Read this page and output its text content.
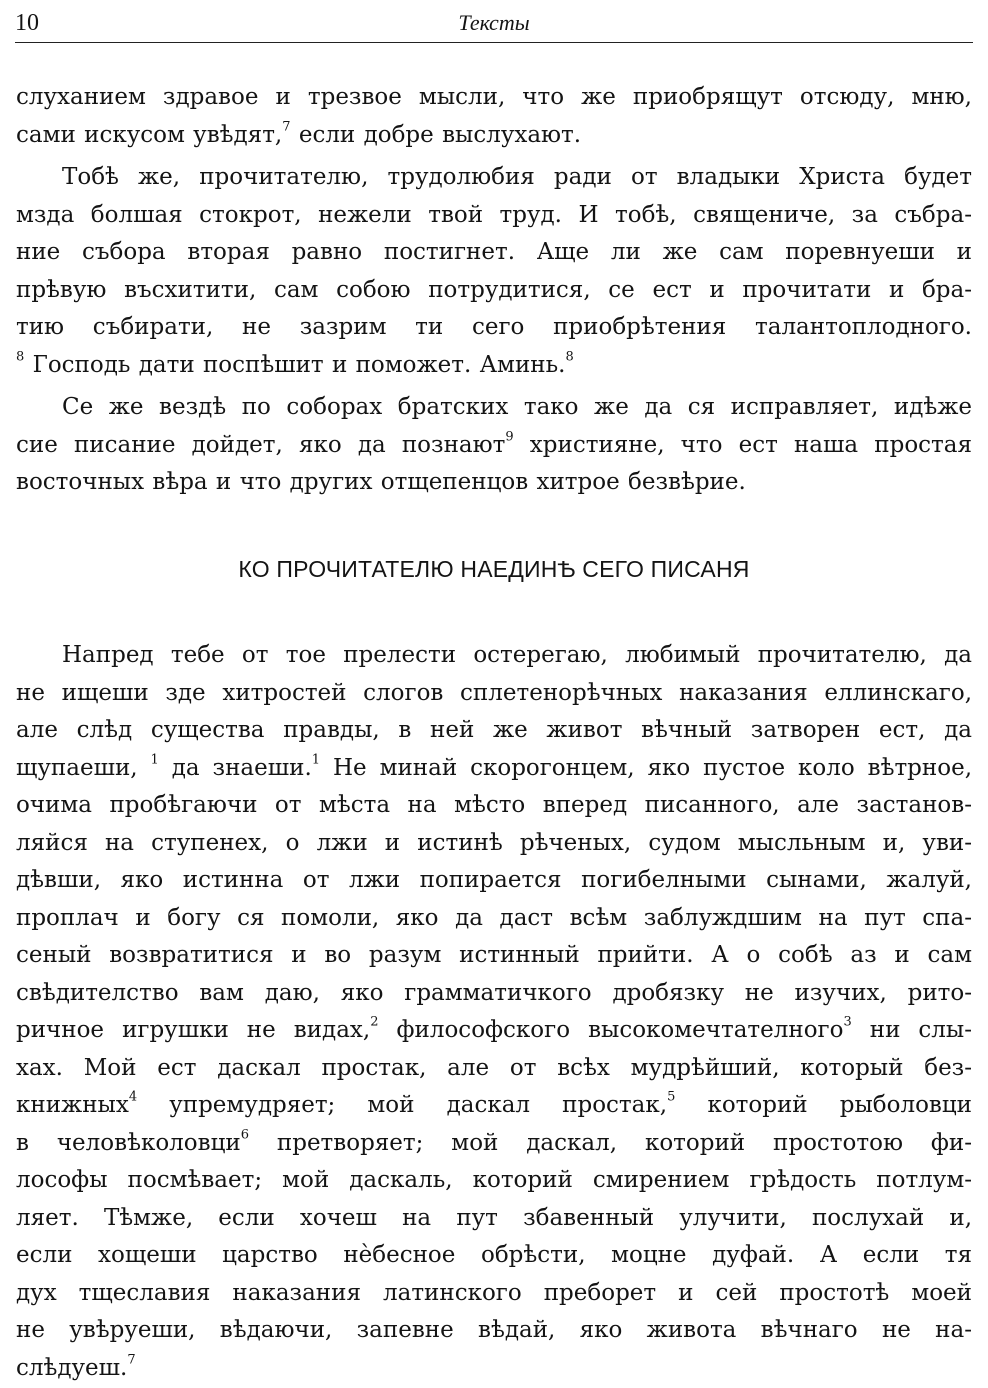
10	Тексты

слуханием здравое и трезвое мысли, что же приобрящут отсюду, мню,
сами искусом увѣдят,$^7$ если добре выслухают.

Тобѣ же, прочитателю, трудолюбия ради от владыки Христа будет
мзда болшая стокрот, нежели твой труд. И тобѣ, священиче, за събра-
ние събора вторая равно постигнет. Аще ли же сам поревнуеши и
прѣвую въсхитити, сам собою потрудитися, се ест и прочитати и бра-
тию събирати, не зазрим ти сего приобрѣтения талантоплодного.
$^8$ Господь дати поспѣшит и поможет. Аминь.$^8$

Се же вездѣ по соборах братских тако же да ся исправляет, идѣже
сие писание дойдет, яко да познают$^9$ християне, что ест наша простая
восточных вѣра и что других отщепенцов хитрое безвѣрие.

КО ПРОЧИТАТЕЛЮ НАЕДИНѢ СЕГО ПИСАНЯ

Напред тебе от тое прелести остерегаю, любимый прочитателю, да
не ищеши зде хитростей слогов сплетенорѣчных наказания еллинскаго,
але слѣд существа правды, в ней же живот вѣчный затворен ест, да
щупаеши, $^1$ да знаеши.$^1$ Не минай скорогонцем, яко пустое коло вѣтрное,
очима пробѣгаючи от мѣста на мѣсто вперед писанного, але застанов-
ляйся на ступенех, о лжи и истинѣ рѣченых, судом мысльным и, уви-
дѣвши, яко истинна от лжи попирается погибелными сынами, жалуй,
проплач и богу ся помоли, яко да даст всѣм заблуждшим на пут спа-
сеный возвратитися и во разум истинный прийти. А о собѣ аз и сам
свѣдителство вам даю, яко грамматичкого дробязку не изучих, рито-
ричное игрушки не видах,$^2$ философского высокомечтателного$^3$ ни слы-
хах. Мой ест даскал простак, але от всѣх мудрѣйший, который без-
книжных$^4$ упремудряет; мой даскал простак,$^5$ которий рыболовци
в человѣколовци$^6$ претворяет; мой даскал, которий простотою фи-
лософы посмѣвает; мой даскаль, которий смирением грѣдость потлум-
ляет. Тѣмже, если хочеш на пут збавенный улучити, послухай и,
если хощеши царство нѐбесное обрѣсти, моцне дуфай. А если тя
дух тщеславия наказания латинского преборет и сей простотѣ моей
не увѣруеши, вѣдаючи, запевне вѣдай, яко живота вѣчнаго не на-
слѣдуеш.$^7$
